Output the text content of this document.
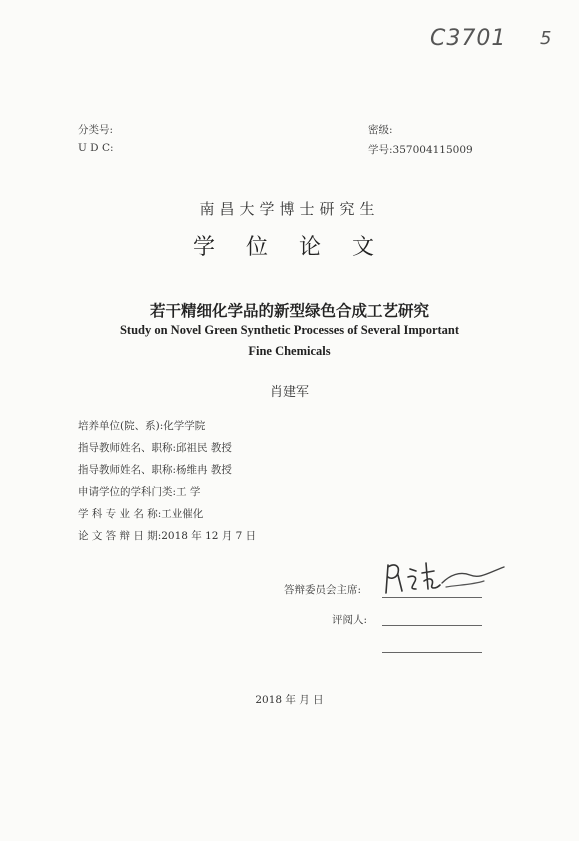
C3701 5
分类号:
U D C:
密级:
学号:357004115009
南昌大学博士研究生
学 位 论 文
若干精细化学品的新型绿色合成工艺研究
Study on Novel Green Synthetic Processes of Several Important
Fine Chemicals
肖建军
培养单位(院、系):化学学院
指导教师姓名、职称:邱祖民 教授
指导教师姓名、职称:杨维冉 教授
申请学位的学科门类:工 学
学 科 专 业 名 称:工业催化
论 文 答 辩 日 期:2018 年 12 月 7 日
答辩委员会主席:
评阅人:
2018 年 月 日
